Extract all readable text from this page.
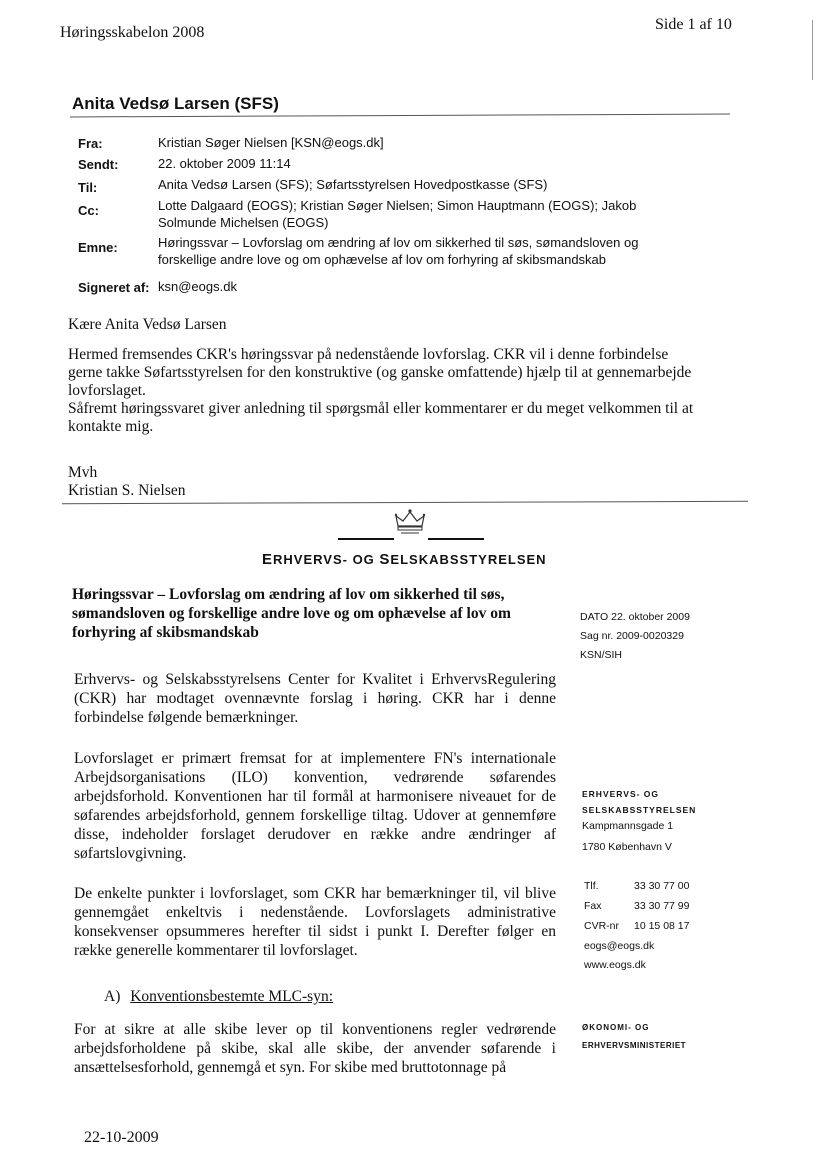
Høringsskabelon 2008	Side 1 af 10
Anita Vedsø Larsen (SFS)
Fra:	Kristian Søger Nielsen [KSN@eogs.dk]
Sendt:	22. oktober 2009 11:14
Til:	Anita Vedsø Larsen (SFS); Søfartsstyrelsen Hovedpostkasse (SFS)
Cc:	Lotte Dalgaard (EOGS); Kristian Søger Nielsen; Simon Hauptmann (EOGS); Jakob Solmunde Michelsen (EOGS)
Emne:	Høringssvar – Lovforslag om ændring af lov om sikkerhed til søs, sømandsloven og forskellige andre love og om ophævelse af lov om forhyring af skibsmandskab
Signeret af: ksn@eogs.dk
Kære Anita Vedsø Larsen
Hermed fremsendes CKR's høringssvar på nedenstående lovforslag. CKR vil i denne forbindelse
gerne takke Søfartsstyrelsen for den konstruktive (og ganske omfattende) hjælp til at gennemarbejde
lovforslaget.
Såfremt høringssvaret giver anledning til spørgsmål eller kommentarer er du meget velkommen til at
kontakte mig.
Mvh
Kristian S. Nielsen
ERHVERVS- OG SELSKABSSTYRELSEN
Høringssvar – Lovforslag om ændring af lov om sikkerhed til søs, sømandsloven og forskellige andre love og om ophævelse af lov om forhyring af skibsmandskab
Erhvervs- og Selskabsstyrelsens Center for Kvalitet i ErhvervsRegulering (CKR) har modtaget ovennævnte forslag i høring. CKR har i denne forbindelse følgende bemærkninger.
Lovforslaget er primært fremsat for at implementere FN's internationale Arbejdsorganisations (ILO) konvention, vedrørende søfarendes arbejdsforhold. Konventionen har til formål at harmonisere niveauet for de søfarendes arbejdsforhold, gennem forskellige tiltag. Udover at gennemføre disse, indeholder forslaget derudover en række andre ændringer af søfartslovgivning.
De enkelte punkter i lovforslaget, som CKR har bemærkninger til, vil blive gennemgået enkeltvis i nedenstående. Lovforslagets administrative konsekvenser opsummeres herefter til sidst i punkt I. Derefter følger en række generelle kommentarer til lovforslaget.
A) Konventionsbestemte MLC-syn:
For at sikre at alle skibe lever op til konventionens regler vedrørende arbejdsforholdene på skibe, skal alle skibe, der anvender søfarende i ansættelsesforhold, gennemgå et syn. For skibe med bruttotonnage på
DATO 22. oktober 2009
Sag nr. 2009-0020329
KSN/SIH
ERHVERVS- OG
SELSKABSSTYRELSEN
Kampmannsgade 1
1780 København V
Tlf.	33 30 77 00
Fax	33 30 77 99
CVR-nr 10 15 08 17
eogs@eogs.dk
www.eogs.dk
ØKONOMI- OG
ERHVERVSMINISTERIET
22-10-2009
